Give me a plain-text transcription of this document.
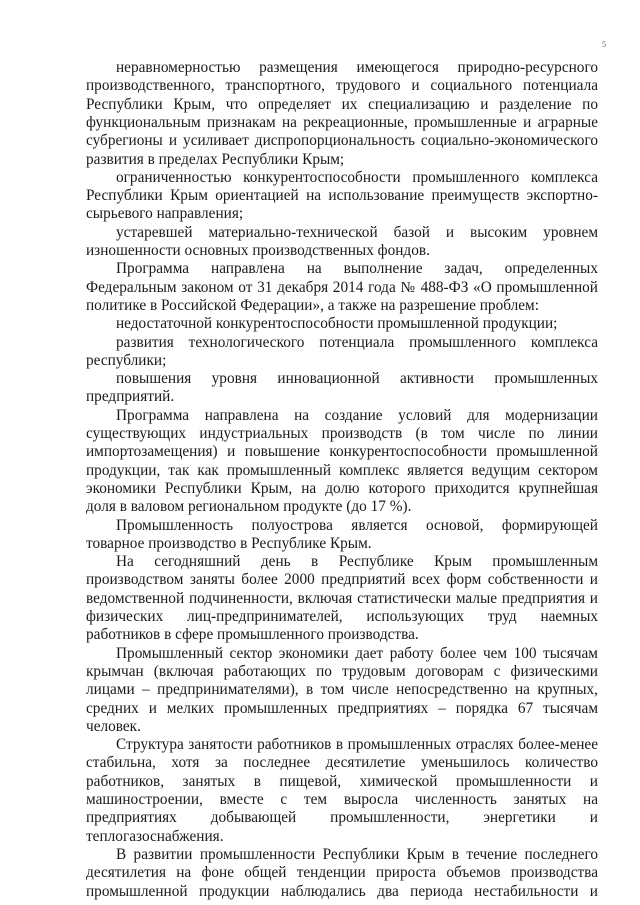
5
неравномерностью размещения имеющегося природно-ресурсного
производственного, транспортного, трудового и социального потенциала
Республики Крым, что определяет их специализацию и разделение по
функциональным признакам на рекреационные, промышленные и аграрные
субрегионы и усиливает диспропорциональность социально-экономического
развития в пределах Республики Крым;
ограниченностью конкурентоспособности промышленного комплекса
Республики Крым ориентацией на использование преимуществ экспортно-
сырьевого направления;
устаревшей материально-технической базой и высоким уровнем
изношенности основных производственных фондов.
Программа направлена на выполнение задач, определенных
Федеральным законом от 31 декабря 2014 года № 488-ФЗ «О промышленной
политике в Российской Федерации», а также на разрешение проблем:
недостаточной конкурентоспособности промышленной продукции;
развития технологического потенциала промышленного комплекса
республики;
повышения уровня инновационной активности промышленных
предприятий.
Программа направлена на создание условий для модернизации
существующих индустриальных производств (в том числе по линии
импортозамещения) и повышение конкурентоспособности промышленной
продукции, так как промышленный комплекс является ведущим сектором
экономики Республики Крым, на долю которого приходится крупнейшая
доля в валовом региональном продукте (до 17 %).
Промышленность полуострова является основой, формирующей
товарное производство в Республике Крым.
На сегодняшний день в Республике Крым промышленным
производством заняты более 2000 предприятий всех форм собственности и
ведомственной подчиненности, включая статистически малые предприятия и
физических лиц-предпринимателей, использующих труд наемных
работников в сфере промышленного производства.
Промышленный сектор экономики дает работу более чем 100 тысячам
крымчан (включая работающих по трудовым договорам с физическими
лицами – предпринимателями), в том числе непосредственно на крупных,
средних и мелких промышленных предприятиях – порядка 67 тысячам
человек.
Структура занятости работников в промышленных отраслях более-менее
стабильна, хотя за последнее десятилетие уменьшилось количество
работников, занятых в пищевой, химической промышленности и
машиностроении, вместе с тем выросла численность занятых на
предприятиях добывающей промышленности, энергетики и
теплогазоснабжения.
В развитии промышленности Республики Крым в течение последнего
десятилетия на фоне общей тенденции прироста объемов производства
промышленной продукции наблюдались два периода нестабильности и
